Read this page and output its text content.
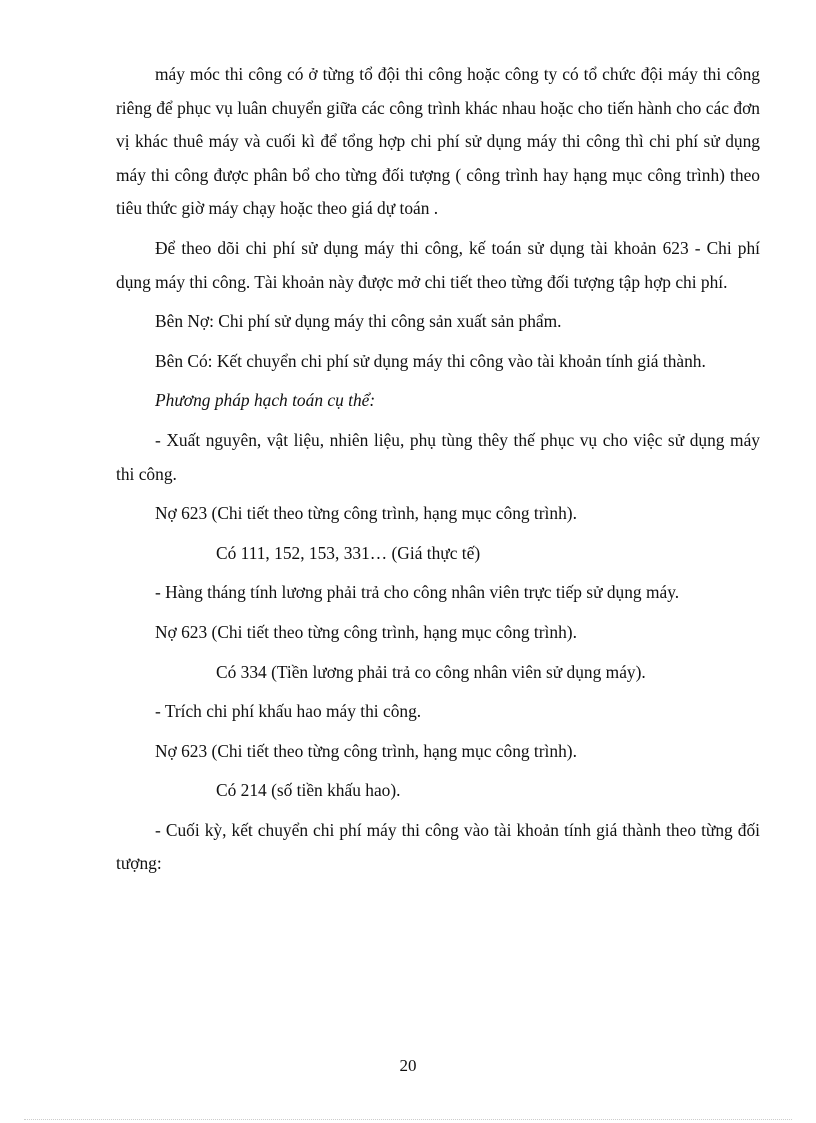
máy móc thi công có ở từng tổ đội thi công hoặc công ty có tổ chức đội máy thi công riêng để phục vụ luân chuyển giữa các công trình khác nhau hoặc cho tiến hành cho các đơn vị khác thuê máy và cuối kì để tổng hợp chi phí sử dụng máy thi công thì chi phí sử dụng máy thi công được phân bổ cho từng đối tượng ( công trình hay hạng mục công trình) theo tiêu thức giờ máy chạy hoặc theo giá dự toán .

Để theo dõi chi phí sử dụng máy thi công, kế toán sử dụng tài khoản 623 - Chi phí dụng máy thi công. Tài khoản này được mở chi tiết theo từng đối tượng tập hợp chi phí.

Bên Nợ: Chi phí sử dụng máy thi công sản xuất sản phẩm.

Bên Có: Kết chuyển chi phí sử dụng máy thi công vào tài khoản tính giá thành.

Phương pháp hạch toán cụ thể:

- Xuất nguyên, vật liệu, nhiên liệu, phụ tùng thêy thế phục vụ cho việc sử dụng máy thi công.

Nợ 623 (Chi tiết theo từng công trình, hạng mục công trình).

Có 111, 152, 153, 331… (Giá thực tế)

- Hàng tháng tính lương phải trả cho công nhân viên trực tiếp sử dụng máy.

Nợ 623 (Chi tiết theo từng công trình, hạng mục công trình).

Có 334 (Tiền lương phải trả co công nhân viên sử dụng máy).

- Trích chi phí khấu hao máy thi công.

Nợ 623 (Chi tiết theo từng công trình, hạng mục công trình).

Có 214 (số tiền khấu hao).

- Cuối kỳ, kết chuyển chi phí máy thi công vào tài khoản tính giá thành theo từng đối tượng:

20
